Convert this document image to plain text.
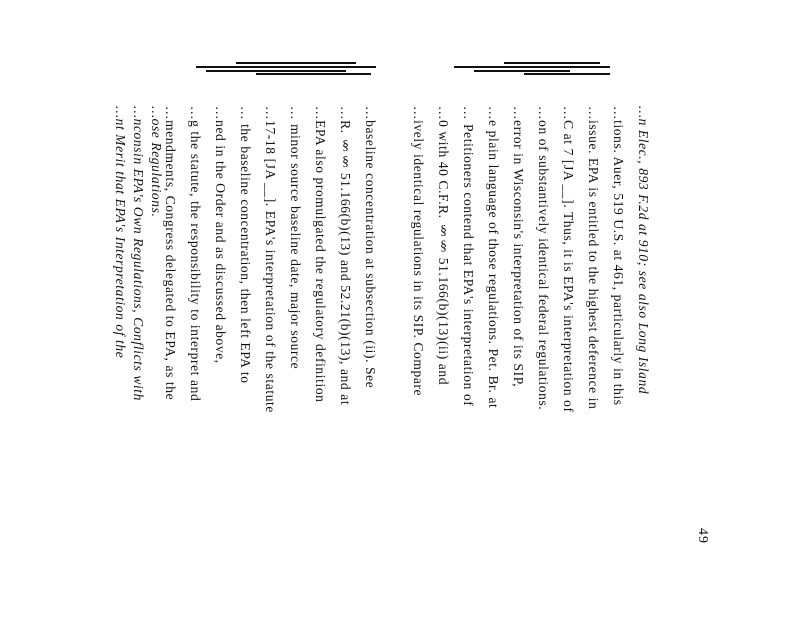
…nt Merit that EPA's Interpretation of the …nconsin EPA's Own Regulations, Conflicts with …ose Regulations. …mendments, Congress delegated to EPA, as the …g the statute, the responsibility to interpret and …ned in the Order and as discussed above, … the baseline concentration, then left EPA to …17-18 [JA __]. EPA's interpretation of the statute … minor source baseline date, major source …EPA also promulgated the regulatory definition …R. §§ 51.166(b)(13) and 52.21(b)(13), and at …baseline concentration at subsection (ii). See …ively identical regulations in its SIP. Compare …0 with 40 C.F.R. §§ 51.166(b)(13)(ii) and … Petitioners contend that EPA's interpretation of …e plain language of those regulations. Pet. Br. at …error in Wisconsin's interpretation of its SIP, …on of substantively identical federal regulations. …C at 7 [JA __]. Thus, it is EPA's interpretation of …issue. EPA is entitled to the highest deference in …tions. Auer, 519 U.S. at 461, particularly in this …n Elec., 893 F.2d at 910; see also Long Island
49
